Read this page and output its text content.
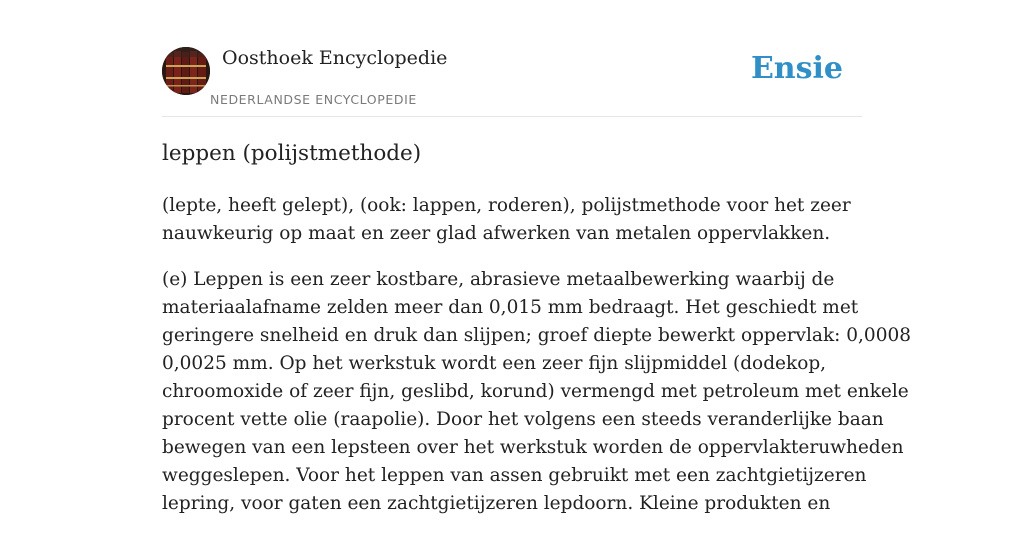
Oosthoek Encyclopedie
NEDERLANDSE ENCYCLOPEDIE
Ensie
leppen (polijstmethode)

(lepte, heeft gelept), (ook: lappen, roderen), polijstmethode voor het zeer
nauwkeurig op maat en zeer glad afwerken van metalen oppervlakken.

(e) Leppen is een zeer kostbare, abrasieve metaalbewerking waarbij de
materiaalafname zelden meer dan 0,015 mm bedraagt. Het geschiedt met
geringere snelheid en druk dan slijpen; groef diepte bewerkt oppervlak: 0,0008
0,0025 mm. Op het werkstuk wordt een zeer fijn slijpmiddel (dodekop,
chroomoxide of zeer fijn, geslibd, korund) vermengd met petroleum met enkele
procent vette olie (raapolie). Door het volgens een steeds veranderlijke baan
bewegen van een lepsteen over het werkstuk worden de oppervlakteruwheden
weggeslepen. Voor het leppen van assen gebruikt met een zachtgietijzeren
lepring, voor gaten een zachtgietijzeren lepdoorn. Kleine produkten en
